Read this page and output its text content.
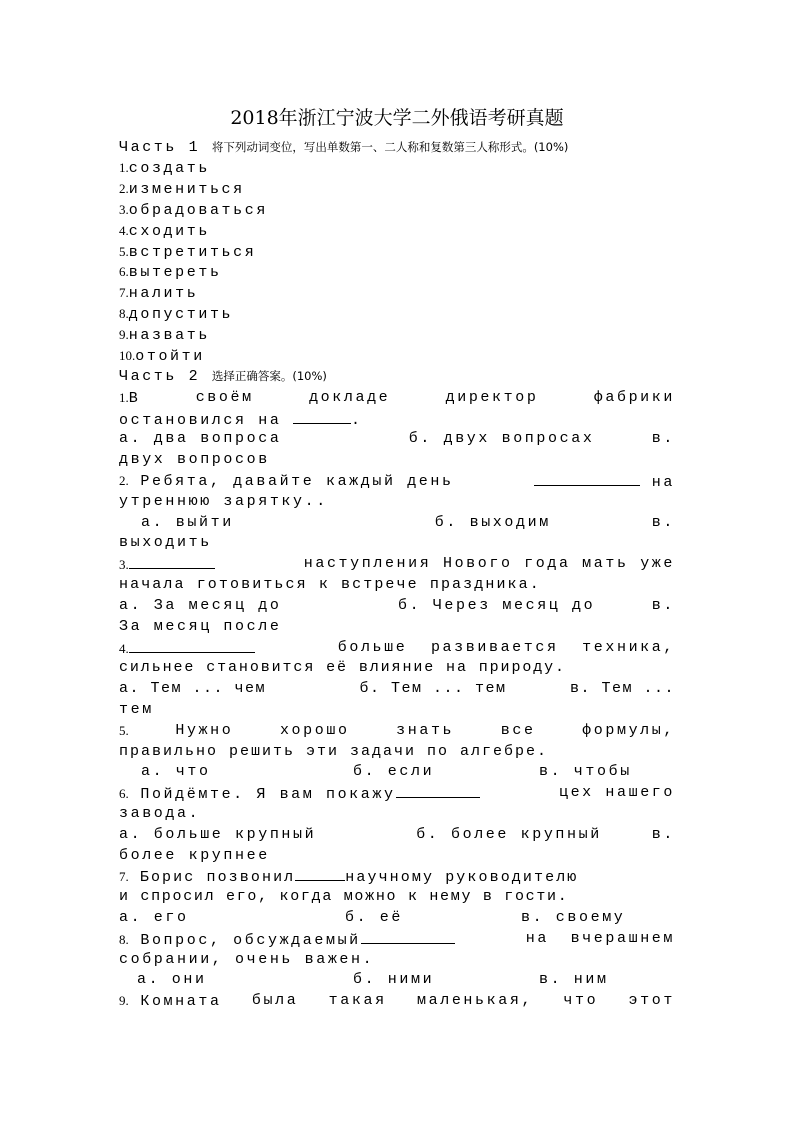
2018年浙江宁波大学二外俄语考研真题
Часть 1 将下列动词变位，写出单数第一、二人称和复数第三人称形式。(10%)
1.создать
2.измениться
3.обрадоваться
4.сходить
5.встретиться
6.вытереть
7.налить
8.допустить
9.назвать
10.отойти
Часть 2 选择正确答案。(10%)
1.В	своём	докладе	директор	фабрики
остановился на	.
а. два вопроса	б. двух вопросах	в.
двух вопросов
2. Ребята, давайте каждый день	на
утреннюю зарятку..
а. выйти	б. выходим	в.
выходить
3.	наступления Нового года мать уже
начала готовиться к встрече праздника.
а. За месяц до	б. Через месяц до	в.
За месяц после
4.	больше развивается техника,
сильнее становится её влияние на природу.
а. Тем ... чем	б. Тем ... тем	в. Тем ...
тем
5.	Нужно	хорошо	знать	все	формулы,
правильно решить эти задачи по алгебре.
а. что	б. если	в. чтобы
6. Пойдёмте. Я вам покажу	цех нашего
завода.
а. больше крупный	б. более крупный	в.
более крупнее
7. Борис позвонил	научному руководителю
и спросил его, когда можно к нему в гости.
а. его	б. её	в. своему
8. Вопрос, обсуждаемый	на вчерашнем
собрании, очень важен.
а. они	б. ними	в. ним
9. Комната была такая маленькая, что этот
